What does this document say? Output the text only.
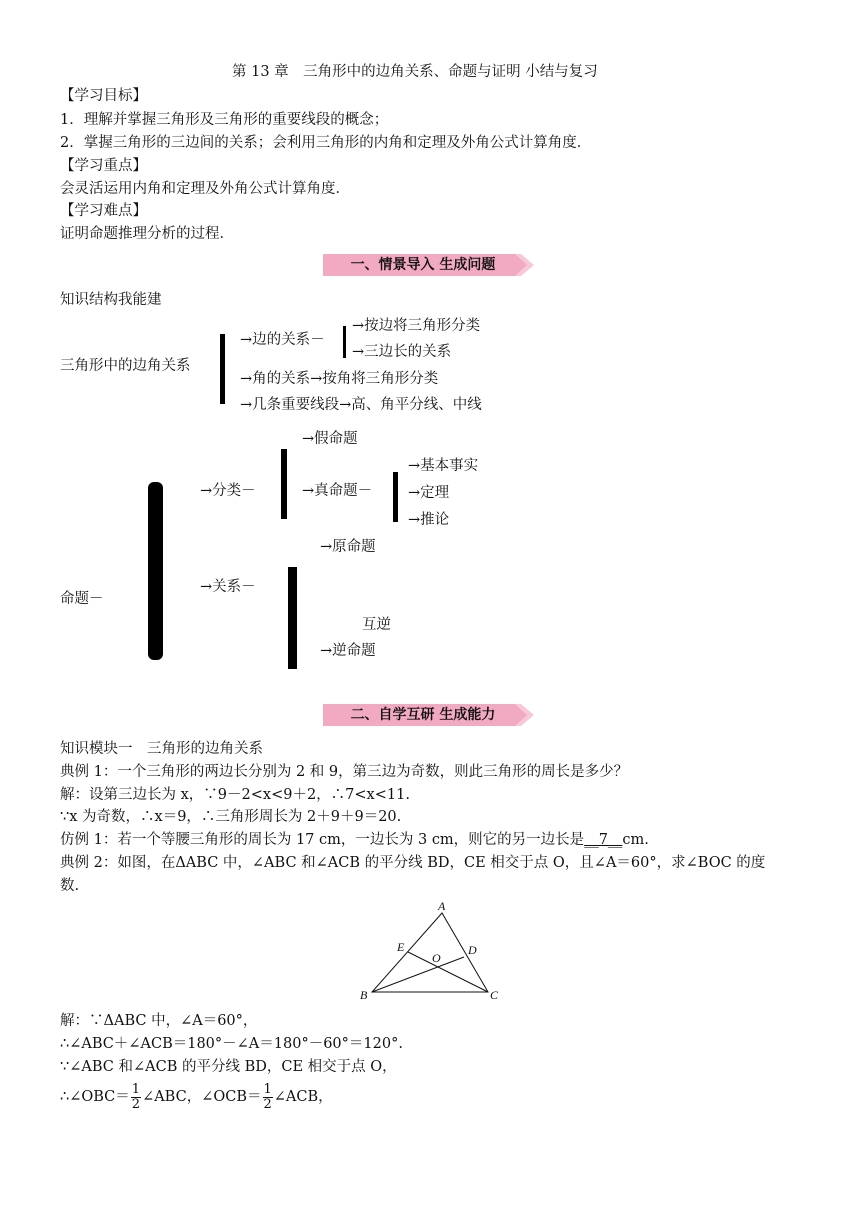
第 13 章　三角形中的边角关系、命题与证明 小结与复习
【学习目标】
1．理解并掌握三角形及三角形的重要线段的概念；
2．掌握三角形的三边间的关系；会利用三角形的内角和定理及外角公式计算角度．
【学习重点】
会灵活运用内角和定理及外角公式计算角度．
【学习难点】
证明命题推理分析的过程．
一、情景导入 生成问题
知识结构我能建
三角形中的边角关系
→边的关系－
→按边将三角形分类
→三边长的关系
→角的关系→按角将三角形分类
→几条重要线段→高、角平分线、中线
命题－
→分类－
→假命题
→真命题－
→基本事实
→定理
→推论
→关系－
→原命题
互逆
→逆命题
二、自学互研 生成能力
知识模块一　三角形的边角关系
典例 1：一个三角形的两边长分别为 2 和 9，第三边为奇数，则此三角形的周长是多少？
解：设第三边长为 x，∵9－2<x<9＋2，∴7<x<11.
∵x 为奇数，∴x＝9，∴三角形周长为 2＋9＋9＝20.
仿例 1：若一个等腰三角形的周长为 17 cm，一边长为 3 cm，则它的另一边长是__7__cm.
典例 2：如图，在ΔABC 中，∠ABC 和∠ACB 的平分线 BD，CE 相交于点 O，且∠A＝60°，求∠BOC 的度
数.
A
B	C
D
E
O
解：∵ΔABC 中，∠A＝60°，
∴∠ABC＋∠ACB＝180°－∠A＝180°－60°＝120°.
∵∠ABC 和∠ACB 的平分线 BD，CE 相交于点 O，
∴∠OBC＝ $\frac{1}{2}$ ∠ABC，∠OCB＝ $\frac{1}{2}$ ∠ACB，
